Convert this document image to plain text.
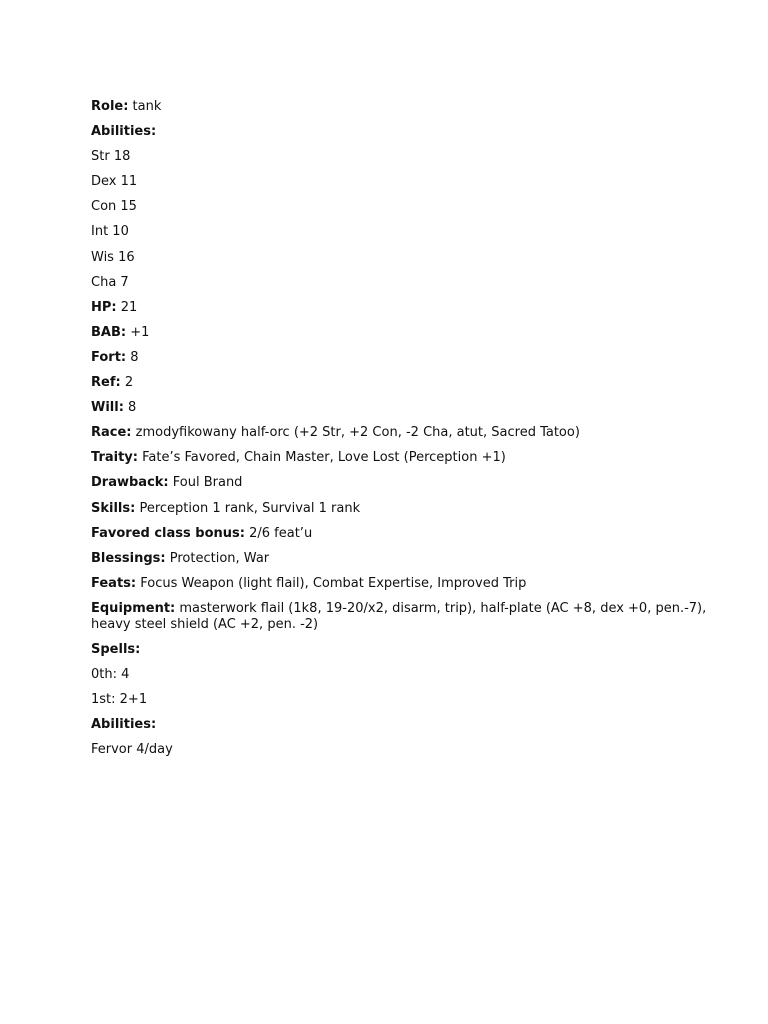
Role: tank
Abilities:
Str 18
Dex 11
Con 15
Int 10
Wis 16
Cha 7
HP: 21
BAB: +1
Fort: 8
Ref: 2
Will: 8
Race: zmodyfikowany half-orc (+2 Str, +2 Con, -2 Cha, atut, Sacred Tatoo)
Traity: Fate’s Favored, Chain Master, Love Lost (Perception +1)
Drawback: Foul Brand
Skills: Perception 1 rank, Survival 1 rank
Favored class bonus: 2/6 feat’u
Blessings: Protection, War
Feats: Focus Weapon (light flail), Combat Expertise, Improved Trip
Equipment: masterwork flail (1k8, 19-20/x2, disarm, trip), half-plate (AC +8, dex +0, pen.-7), heavy steel shield (AC +2, pen. -2)
Spells:
0th: 4
1st: 2+1
Abilities:
Fervor 4/day
